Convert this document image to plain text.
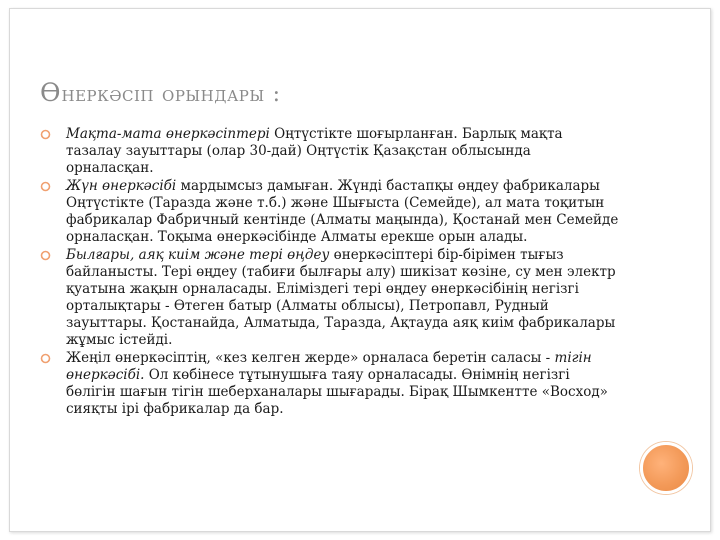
ӨНЕРКӘСІП ОРЫНДАРЫ :
Мақта-мата өнеркәсіптері Оңтүстікте шоғырланған. Барлық мақта тазалау зауыттары (олар 30-дай) Оңтүстік Қазақстан облысында орналасқан.
Жүн өнеркәсібі мардымсыз дамыған. Жүнді бастапқы өңдеу фабрикалары Оңтүстікте (Таразда және т.б.) және Шығыста (Семейде), ал мата тоқитын фабрикалар Фабричный кентінде (Алматы маңында), Қостанай мен Семейде орналасқан. Тоқыма өнеркәсібінде Алматы ерекше орын алады.
Былғары, аяқ киім және тері өңдеу өнеркәсіптері бір-бірімен тығыз байланысты. Тері өңдеу (табиғи былғары алу) шикізат көзіне, су мен электр қуатына жақын орналасады. Еліміздегі тері өңдеу өнеркәсібінің негізгі орталықтары - Өтеген батыр (Алматы облысы), Петропавл, Рудный зауыттары. Қостанайда, Алматыда, Таразда, Ақтауда аяқ киім фабрикалары жұмыс істейді.
Жеңіл өнеркәсіптің, «кез келген жерде» орналаса беретін саласы - тігін өнеркәсібі. Ол көбінесе тұтынушыға таяу орналасады. Өнімнің негізгі бөлігін шағын тігін шеберханалары шығарады. Бірақ Шымкентте «Восход» сияқты ірі фабрикалар да бар.
